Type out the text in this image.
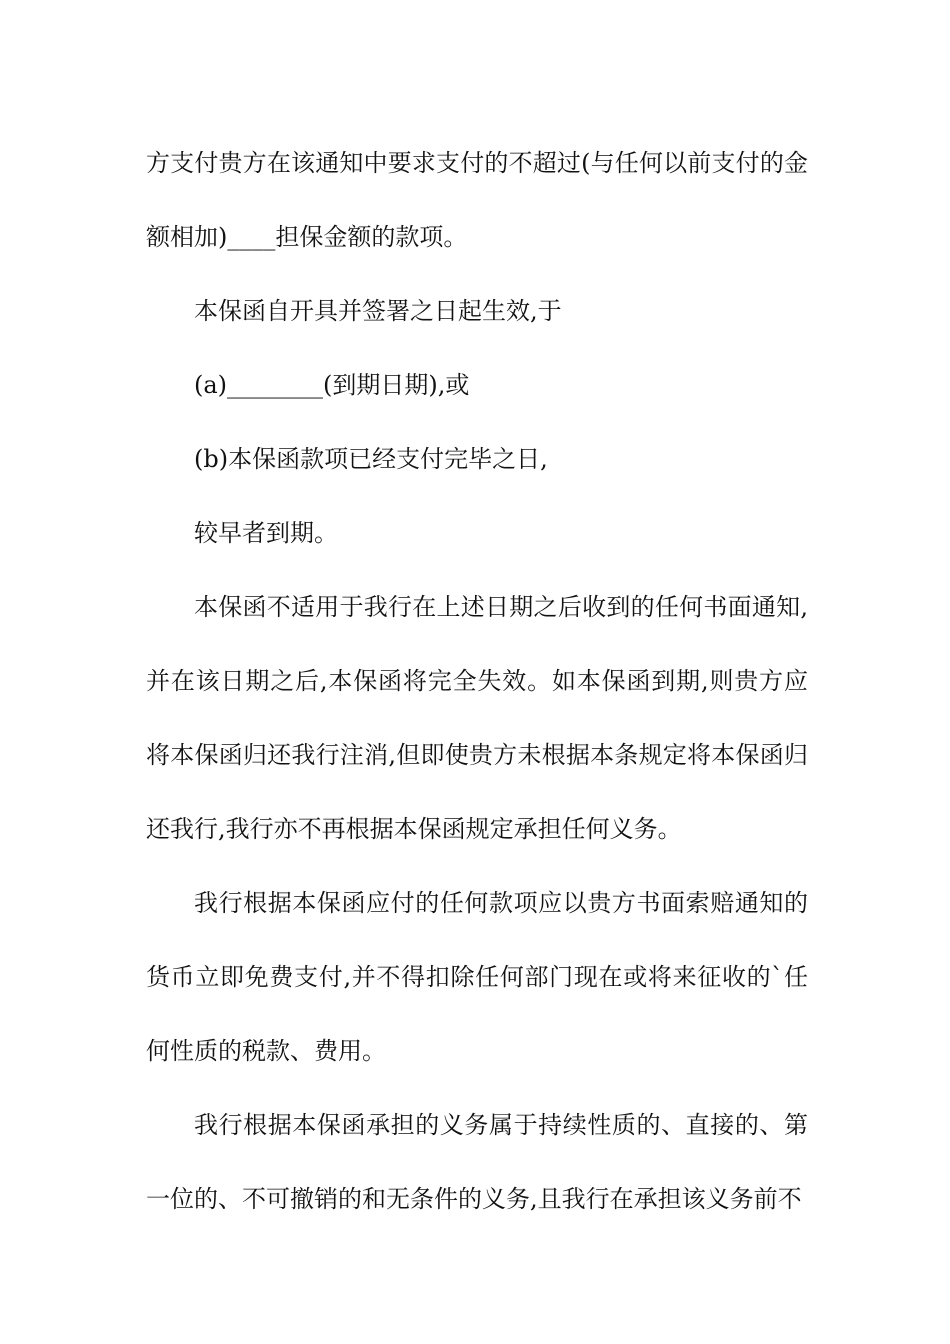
方支付贵方在该通知中要求支付的不超过(与任何以前支付的金额相加)____担保金额的款项。

本保函自开具并签署之日起生效,于

(a)________(到期日期),或

(b)本保函款项已经支付完毕之日,

较早者到期。

本保函不适用于我行在上述日期之后收到的任何书面通知,并在该日期之后,本保函将完全失效。如本保函到期,则贵方应将本保函归还我行注消,但即使贵方未根据本条规定将本保函归还我行,我行亦不再根据本保函规定承担任何义务。

我行根据本保函应付的任何款项应以贵方书面索赔通知的货币立即免费支付,并不得扣除任何部门现在或将来征收的`任何性质的税款、费用。

我行根据本保函承担的义务属于持续性质的、直接的、第一位的、不可撤销的和无条件的义务,且我行在承担该义务前不
